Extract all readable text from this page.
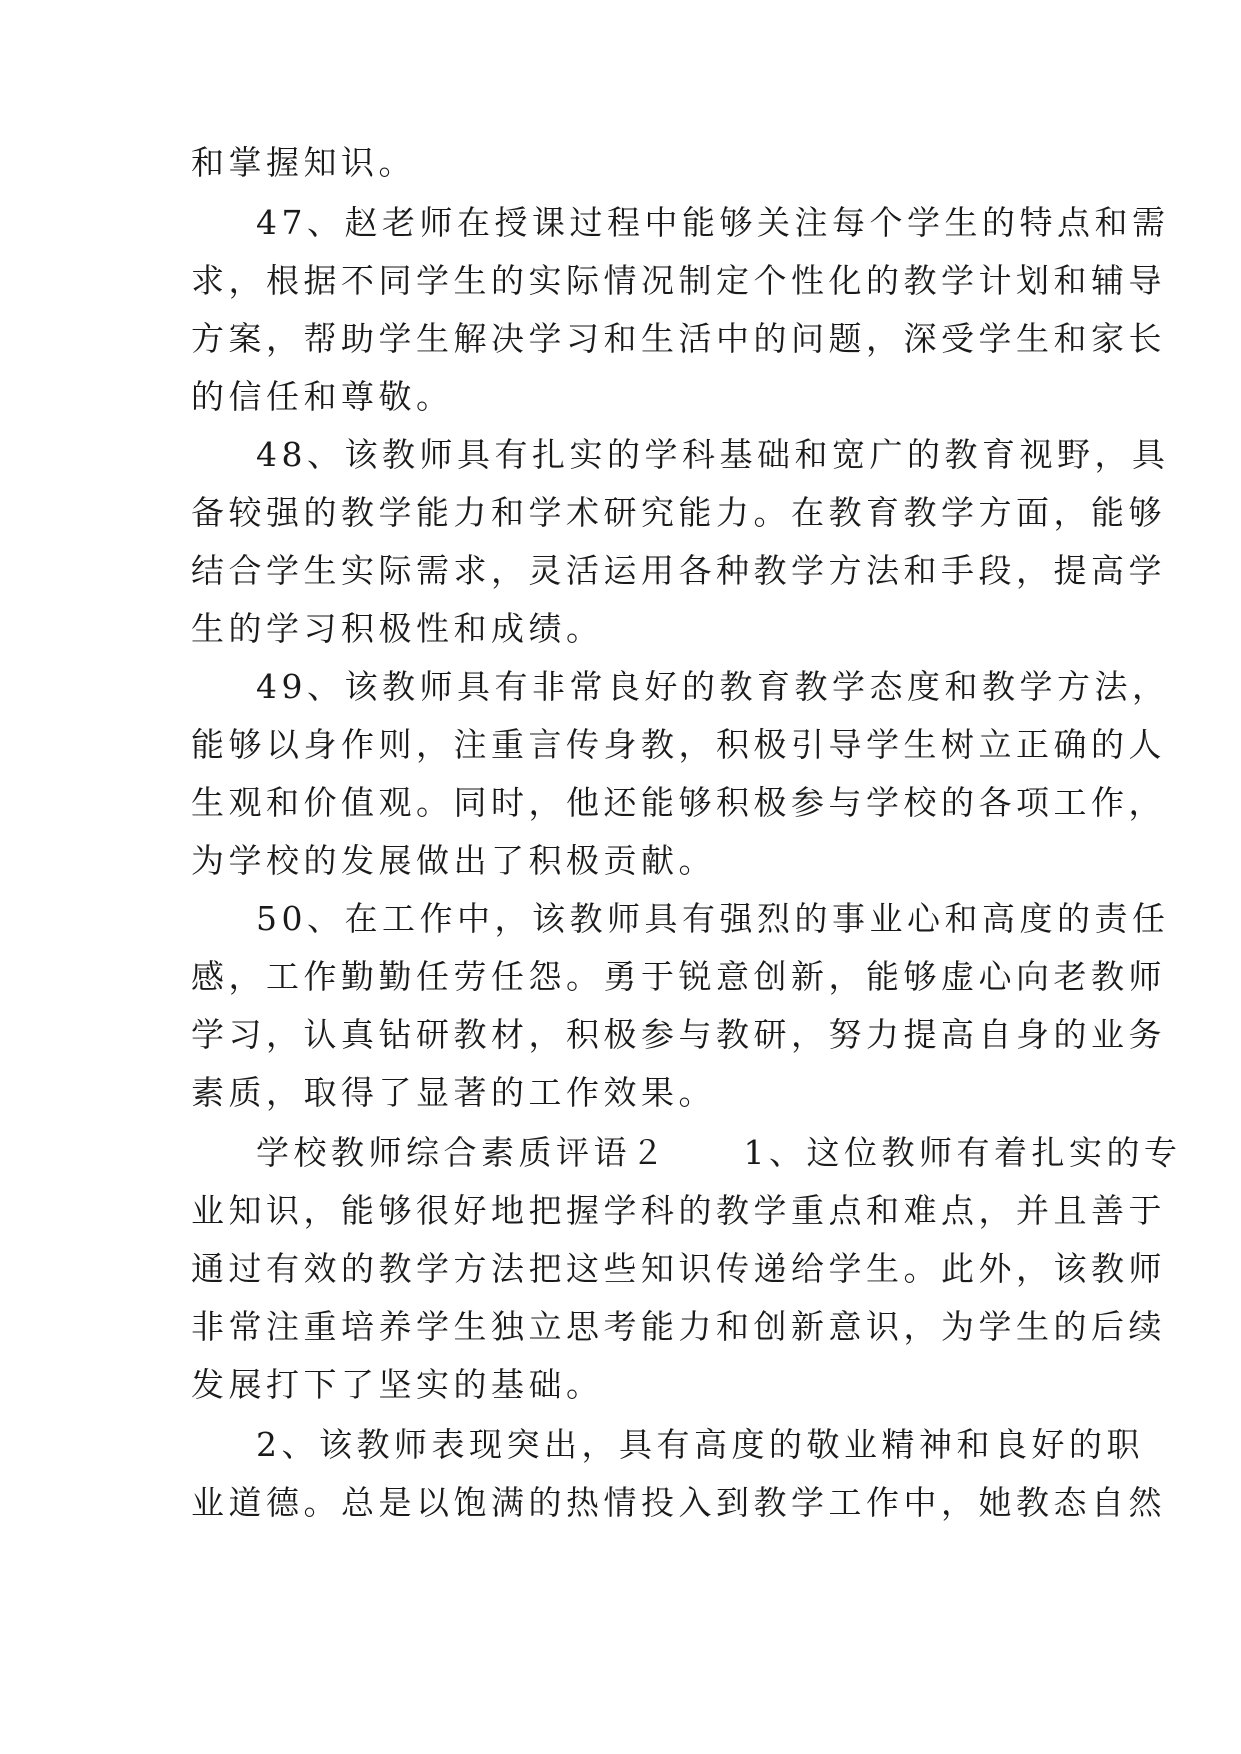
和掌握知识。
47、赵老师在授课过程中能够关注每个学生的特点和需
求，根据不同学生的实际情况制定个性化的教学计划和辅导
方案，帮助学生解决学习和生活中的问题，深受学生和家长
的信任和尊敬。
48、该教师具有扎实的学科基础和宽广的教育视野，具
备较强的教学能力和学术研究能力。在教育教学方面，能够
结合学生实际需求，灵活运用各种教学方法和手段，提高学
生的学习积极性和成绩。
49、该教师具有非常良好的教育教学态度和教学方法，
能够以身作则，注重言传身教，积极引导学生树立正确的人
生观和价值观。同时，他还能够积极参与学校的各项工作，
为学校的发展做出了积极贡献。
50、在工作中，该教师具有强烈的事业心和高度的责任
感，工作勤勤任劳任怨。勇于锐意创新，能够虚心向老教师
学习，认真钻研教材，积极参与教研，努力提高自身的业务
素质，取得了显著的工作效果。
学校教师综合素质评语２　　1、这位教师有着扎实的专
业知识，能够很好地把握学科的教学重点和难点，并且善于
通过有效的教学方法把这些知识传递给学生。此外，该教师
非常注重培养学生独立思考能力和创新意识，为学生的后续
发展打下了坚实的基础。
2、该教师表现突出，具有高度的敬业精神和良好的职
业道德。总是以饱满的热情投入到教学工作中，她教态自然
